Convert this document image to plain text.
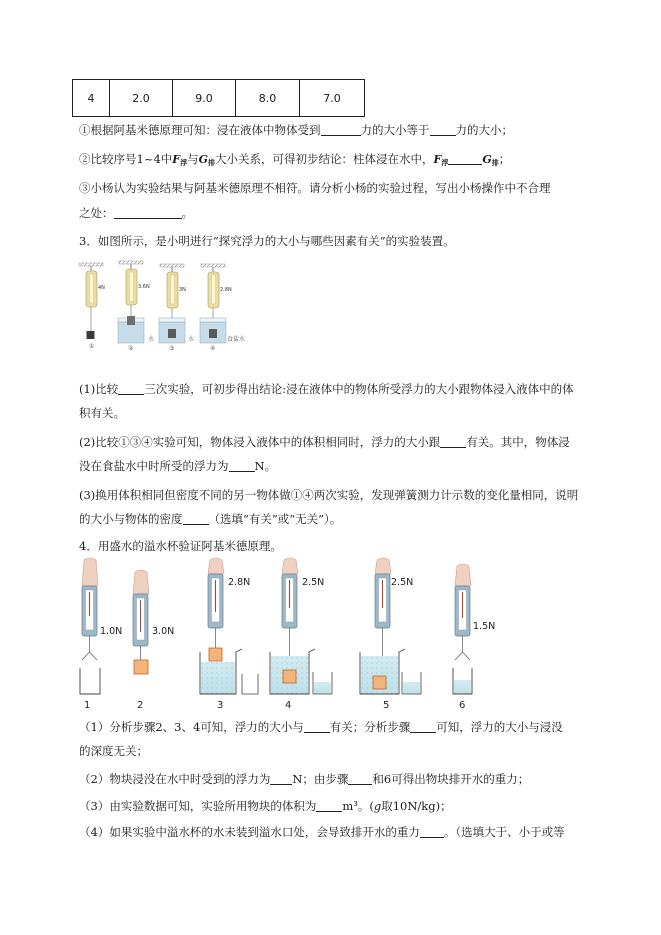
4	2.0	9.0	8.0	7.0
①根据阿基米德原理可知：浸在液体中物体受到	力的大小等于 力的大小；
②比较序号1~4中$F_浮$与$G_排$大小关系，可得初步结论：柱体浸在水中，$F_浮$	$G_排$；
③小杨认为实验结果与阿基米德原理不相符。请分析小杨的实验过程，写出小杨操作中不合理
之处：	。
3．如图所示，是小明进行“探究浮力的大小与哪些因素有关”的实验装置。
4N
①
3.6N
水
②
3N
水
③
2.8N
食盐水
④
(1)比较 三次实验，可初步得出结论:浸在液体中的物体所受浮力的大小跟物体浸入液体中的体
积有关。
(2)比较①③④实验可知，物体浸入液体中的体积相同时，浮力的大小跟 有关。其中，物体浸
没在食盐水中时所受的浮力为 N。
(3)换用体积相同但密度不同的另一物体做①④两次实验，发现弹簧测力计示数的变化量相同，说明
的大小与物体的密度 （选填“有关”或“无关”）。
4．用盛水的溢水杯验证阿基米德原理。
1.0N
1
3.0N
2
2.8N
3
2.5N
4
2.5N
5
1.5N
6
（1）分析步骤2、3、4可知，浮力的大小与 有关；分析步骤 可知，浮力的大小与浸没
的深度无关；
（2）物块浸没在水中时受到的浮力为 N；由步骤 和6可得出物块排开水的重力；
（3）由实验数据可知，实验所用物块的体积为 m³。(g取10N/kg)；
（4）如果实验中溢水杯的水未装到溢水口处，会导致排开水的重力 。（选填大于、小于或等
